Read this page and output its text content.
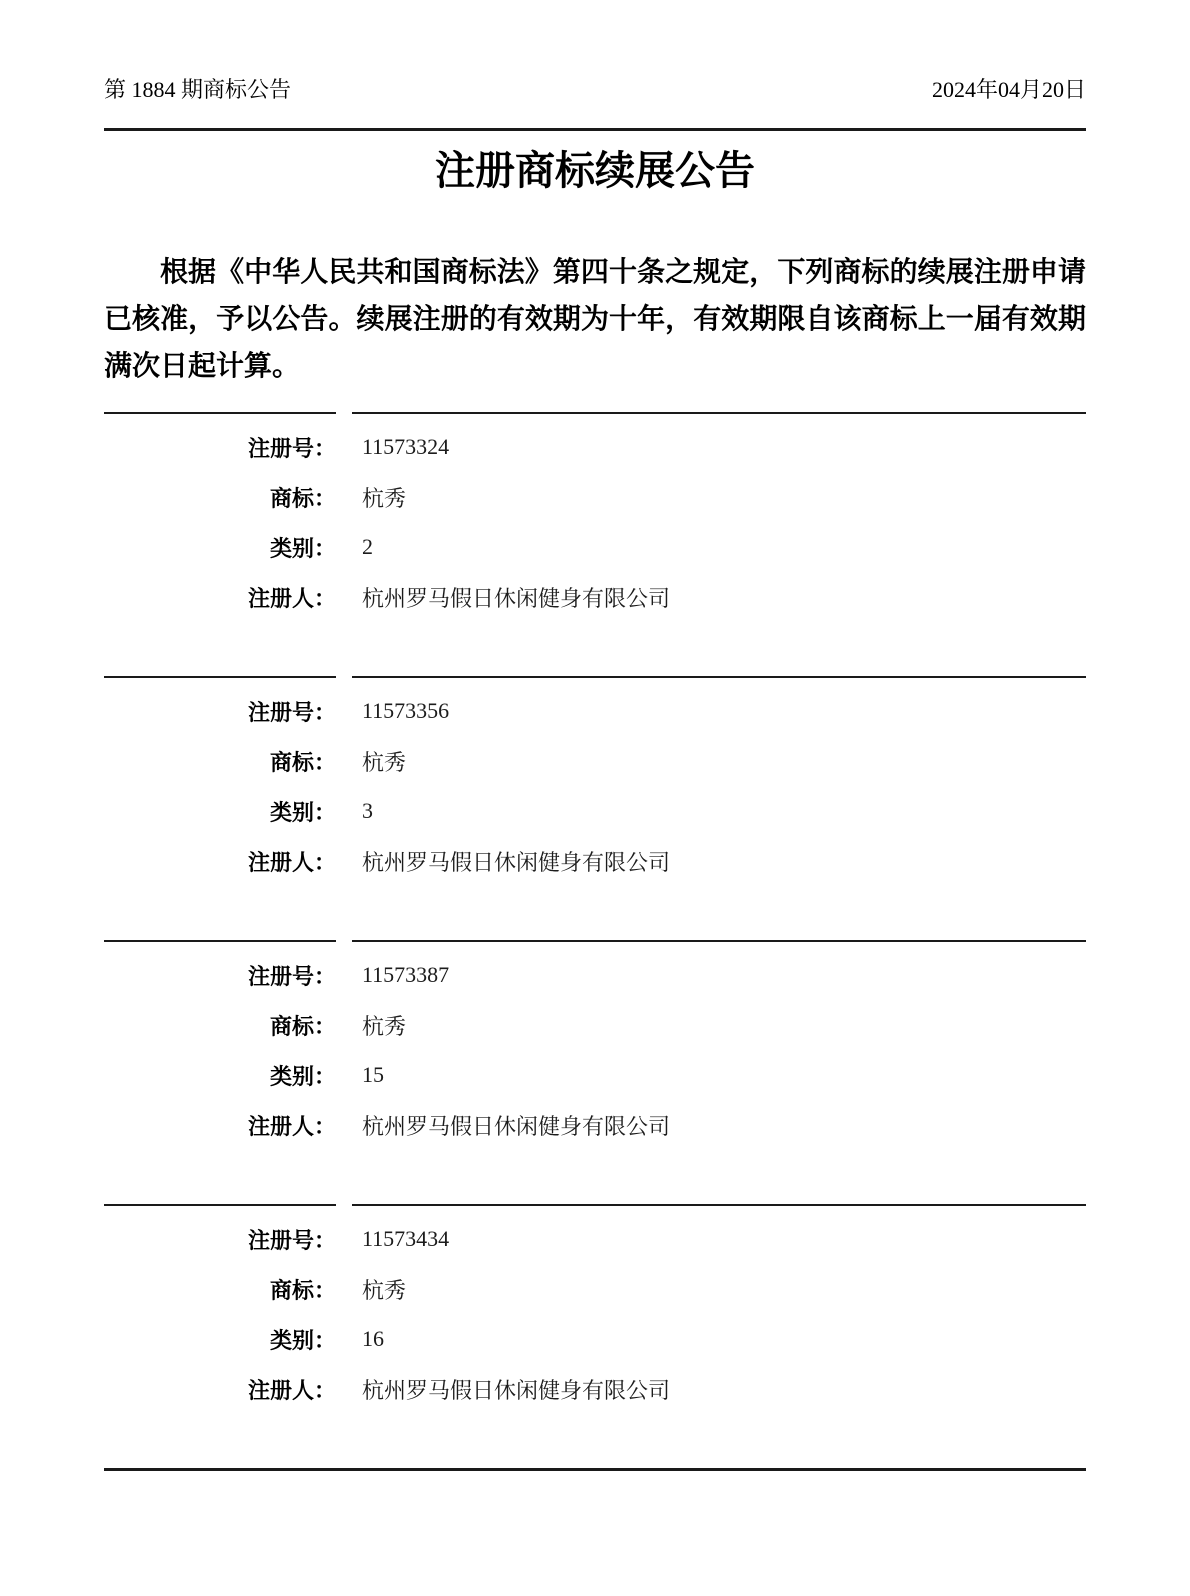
第 1884 期商标公告	2024年04月20日
注册商标续展公告

根据《中华人民共和国商标法》第四十条之规定，下列商标的续展注册申请已核准，予以公告。续展注册的有效期为十年，有效期限自该商标上一届有效期满次日起计算。

注册号：	11573324
商标：	杭秀
类别：	2
注册人：	杭州罗马假日休闲健身有限公司
注册号：	11573356
商标：	杭秀
类别：	3
注册人：	杭州罗马假日休闲健身有限公司
注册号：	11573387
商标：	杭秀
类别：	15
注册人：	杭州罗马假日休闲健身有限公司
注册号：	11573434
商标：	杭秀
类别：	16
注册人：	杭州罗马假日休闲健身有限公司
